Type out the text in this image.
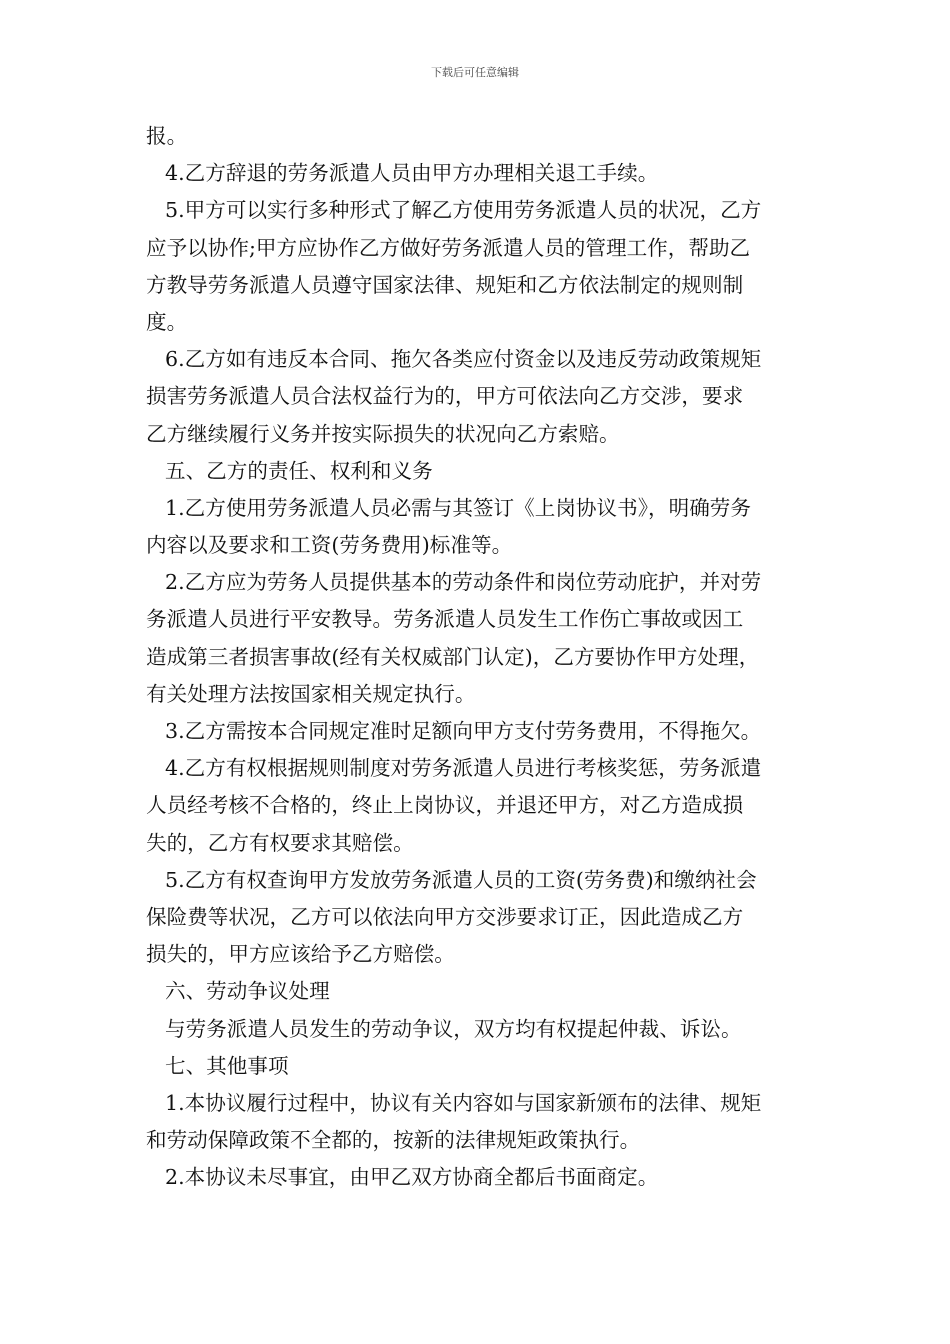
下载后可任意编辑
报。
4.乙方辞退的劳务派遣人员由甲方办理相关退工手续。
5.甲方可以实行多种形式了解乙方使用劳务派遣人员的状况，乙方
应予以协作;甲方应协作乙方做好劳务派遣人员的管理工作，帮助乙
方教导劳务派遣人员遵守国家法律、规矩和乙方依法制定的规则制
度。
6.乙方如有违反本合同、拖欠各类应付资金以及违反劳动政策规矩
损害劳务派遣人员合法权益行为的，甲方可依法向乙方交涉，要求
乙方继续履行义务并按实际损失的状况向乙方索赔。
五、乙方的责任、权利和义务
1.乙方使用劳务派遣人员必需与其签订《上岗协议书》，明确劳务
内容以及要求和工资(劳务费用)标准等。
2.乙方应为劳务人员提供基本的劳动条件和岗位劳动庇护，并对劳
务派遣人员进行平安教导。劳务派遣人员发生工作伤亡事故或因工
造成第三者损害事故(经有关权威部门认定)，乙方要协作甲方处理，
有关处理方法按国家相关规定执行。
3.乙方需按本合同规定准时足额向甲方支付劳务费用，不得拖欠。
4.乙方有权根据规则制度对劳务派遣人员进行考核奖惩，劳务派遣
人员经考核不合格的，终止上岗协议，并退还甲方，对乙方造成损
失的，乙方有权要求其赔偿。
5.乙方有权查询甲方发放劳务派遣人员的工资(劳务费)和缴纳社会
保险费等状况，乙方可以依法向甲方交涉要求订正，因此造成乙方
损失的，甲方应该给予乙方赔偿。
六、劳动争议处理
与劳务派遣人员发生的劳动争议，双方均有权提起仲裁、诉讼。
七、其他事项
1.本协议履行过程中，协议有关内容如与国家新颁布的法律、规矩
和劳动保障政策不全都的，按新的法律规矩政策执行。
2.本协议未尽事宜，由甲乙双方协商全都后书面商定。
